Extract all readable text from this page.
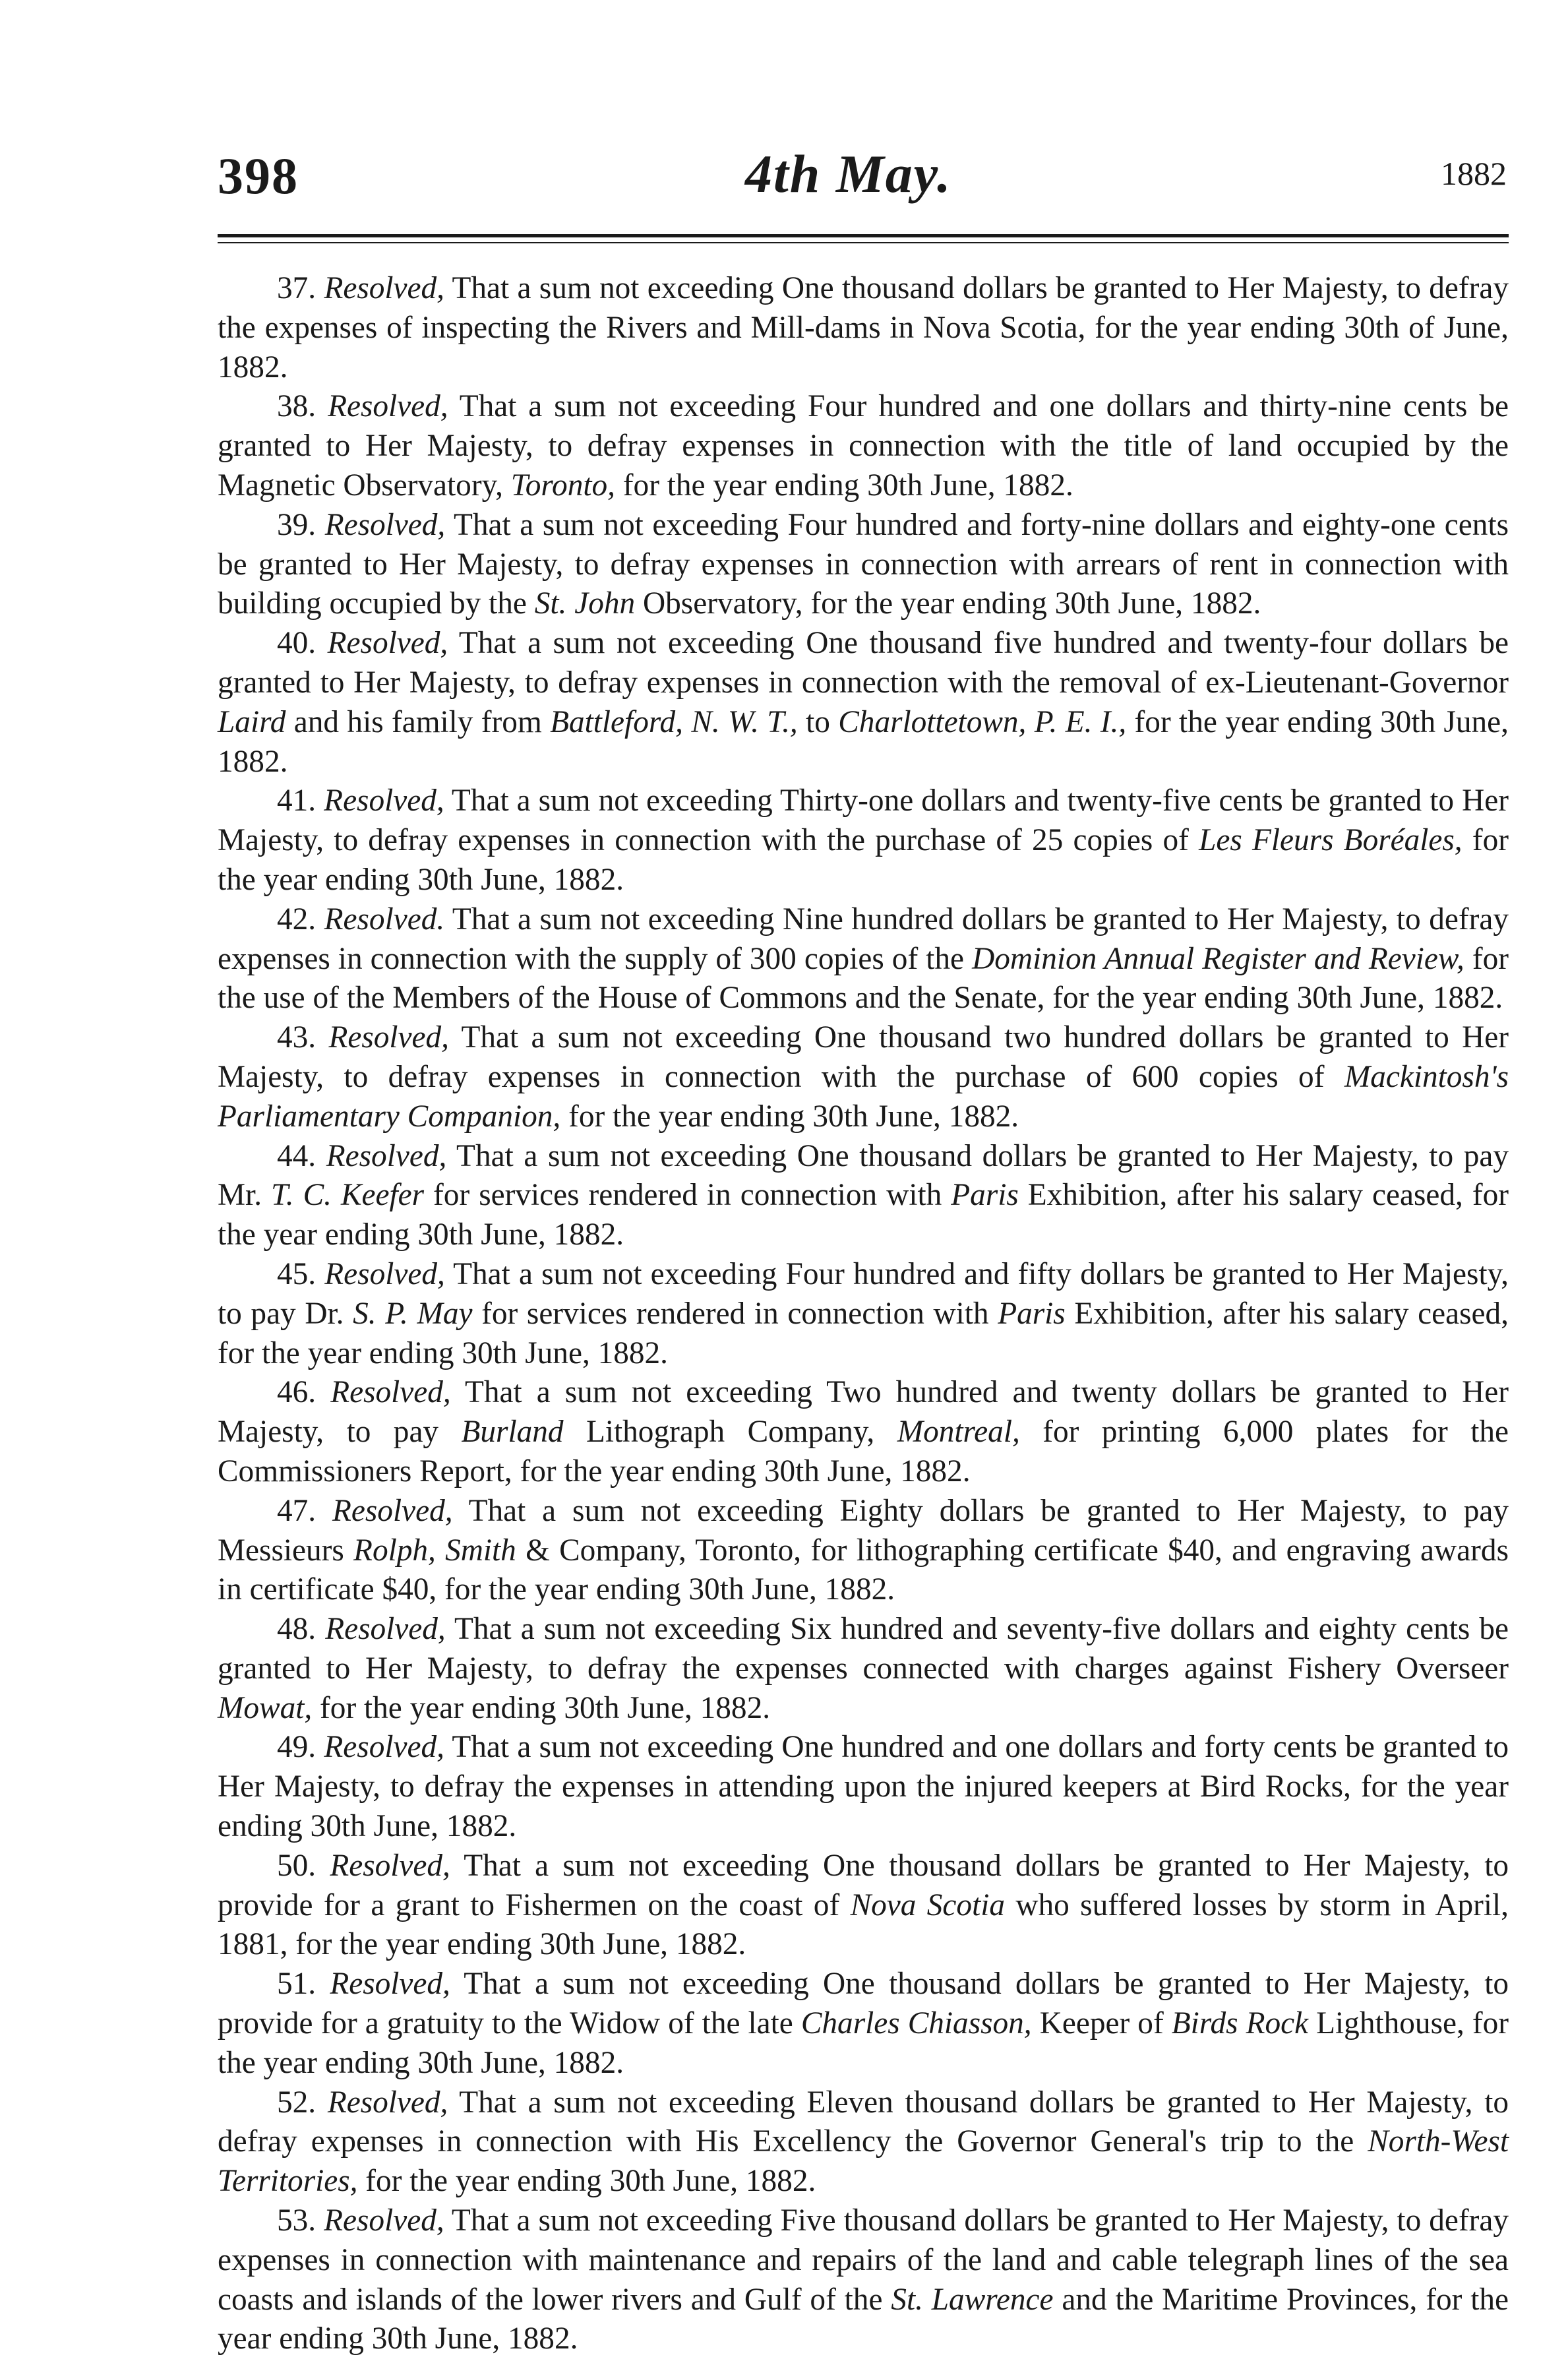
398	4th May.	1882

37. Resolved, That a sum not exceeding One thousand dollars be granted to Her Majesty, to defray the expenses of inspecting the Rivers and Mill-dams in Nova Scotia, for the year ending 30th of June, 1882.

38. Resolved, That a sum not exceeding Four hundred and one dollars and thirty-nine cents be granted to Her Majesty, to defray expenses in connection with the title of land occupied by the Magnetic Observatory, Toronto, for the year ending 30th June, 1882.

39. Resolved, That a sum not exceeding Four hundred and forty-nine dollars and eighty-one cents be granted to Her Majesty, to defray expenses in connection with arrears of rent in connection with building occupied by the St. John Observatory, for the year ending 30th June, 1882.

40. Resolved, That a sum not exceeding One thousand five hundred and twenty-four dollars be granted to Her Majesty, to defray expenses in connection with the removal of ex-Lieutenant-Governor Laird and his family from Battleford, N. W. T., to Charlottetown, P. E. I., for the year ending 30th June, 1882.

41. Resolved, That a sum not exceeding Thirty-one dollars and twenty-five cents be granted to Her Majesty, to defray expenses in connection with the purchase of 25 copies of Les Fleurs Boréales, for the year ending 30th June, 1882.

42. Resolved. That a sum not exceeding Nine hundred dollars be granted to Her Majesty, to defray expenses in connection with the supply of 300 copies of the Dominion Annual Register and Review, for the use of the Members of the House of Commons and the Senate, for the year ending 30th June, 1882.

43. Resolved, That a sum not exceeding One thousand two hundred dollars be granted to Her Majesty, to defray expenses in connection with the purchase of 600 copies of Mackintosh's Parliamentary Companion, for the year ending 30th June, 1882.

44. Resolved, That a sum not exceeding One thousand dollars be granted to Her Majesty, to pay Mr. T. C. Keefer for services rendered in connection with Paris Exhibition, after his salary ceased, for the year ending 30th June, 1882.

45. Resolved, That a sum not exceeding Four hundred and fifty dollars be granted to Her Majesty, to pay Dr. S. P. May for services rendered in connection with Paris Exhibition, after his salary ceased, for the year ending 30th June, 1882.

46. Resolved, That a sum not exceeding Two hundred and twenty dollars be granted to Her Majesty, to pay Burland Lithograph Company, Montreal, for printing 6,000 plates for the Commissioners Report, for the year ending 30th June, 1882.

47. Resolved, That a sum not exceeding Eighty dollars be granted to Her Majesty, to pay Messieurs Rolph, Smith & Company, Toronto, for lithographing certificate $40, and engraving awards in certificate $40, for the year ending 30th June, 1882.

48. Resolved, That a sum not exceeding Six hundred and seventy-five dollars and eighty cents be granted to Her Majesty, to defray the expenses connected with charges against Fishery Overseer Mowat, for the year ending 30th June, 1882.

49. Resolved, That a sum not exceeding One hundred and one dollars and forty cents be granted to Her Majesty, to defray the expenses in attending upon the injured keepers at Bird Rocks, for the year ending 30th June, 1882.

50. Resolved, That a sum not exceeding One thousand dollars be granted to Her Majesty, to provide for a grant to Fishermen on the coast of Nova Scotia who suffered losses by storm in April, 1881, for the year ending 30th June, 1882.

51. Resolved, That a sum not exceeding One thousand dollars be granted to Her Majesty, to provide for a gratuity to the Widow of the late Charles Chiasson, Keeper of Birds Rock Lighthouse, for the year ending 30th June, 1882.

52. Resolved, That a sum not exceeding Eleven thousand dollars be granted to Her Majesty, to defray expenses in connection with His Excellency the Governor General's trip to the North-West Territories, for the year ending 30th June, 1882.

53. Resolved, That a sum not exceeding Five thousand dollars be granted to Her Majesty, to defray expenses in connection with maintenance and repairs of the land and cable telegraph lines of the sea coasts and islands of the lower rivers and Gulf of the St. Lawrence and the Maritime Provinces, for the year ending 30th June, 1882.
